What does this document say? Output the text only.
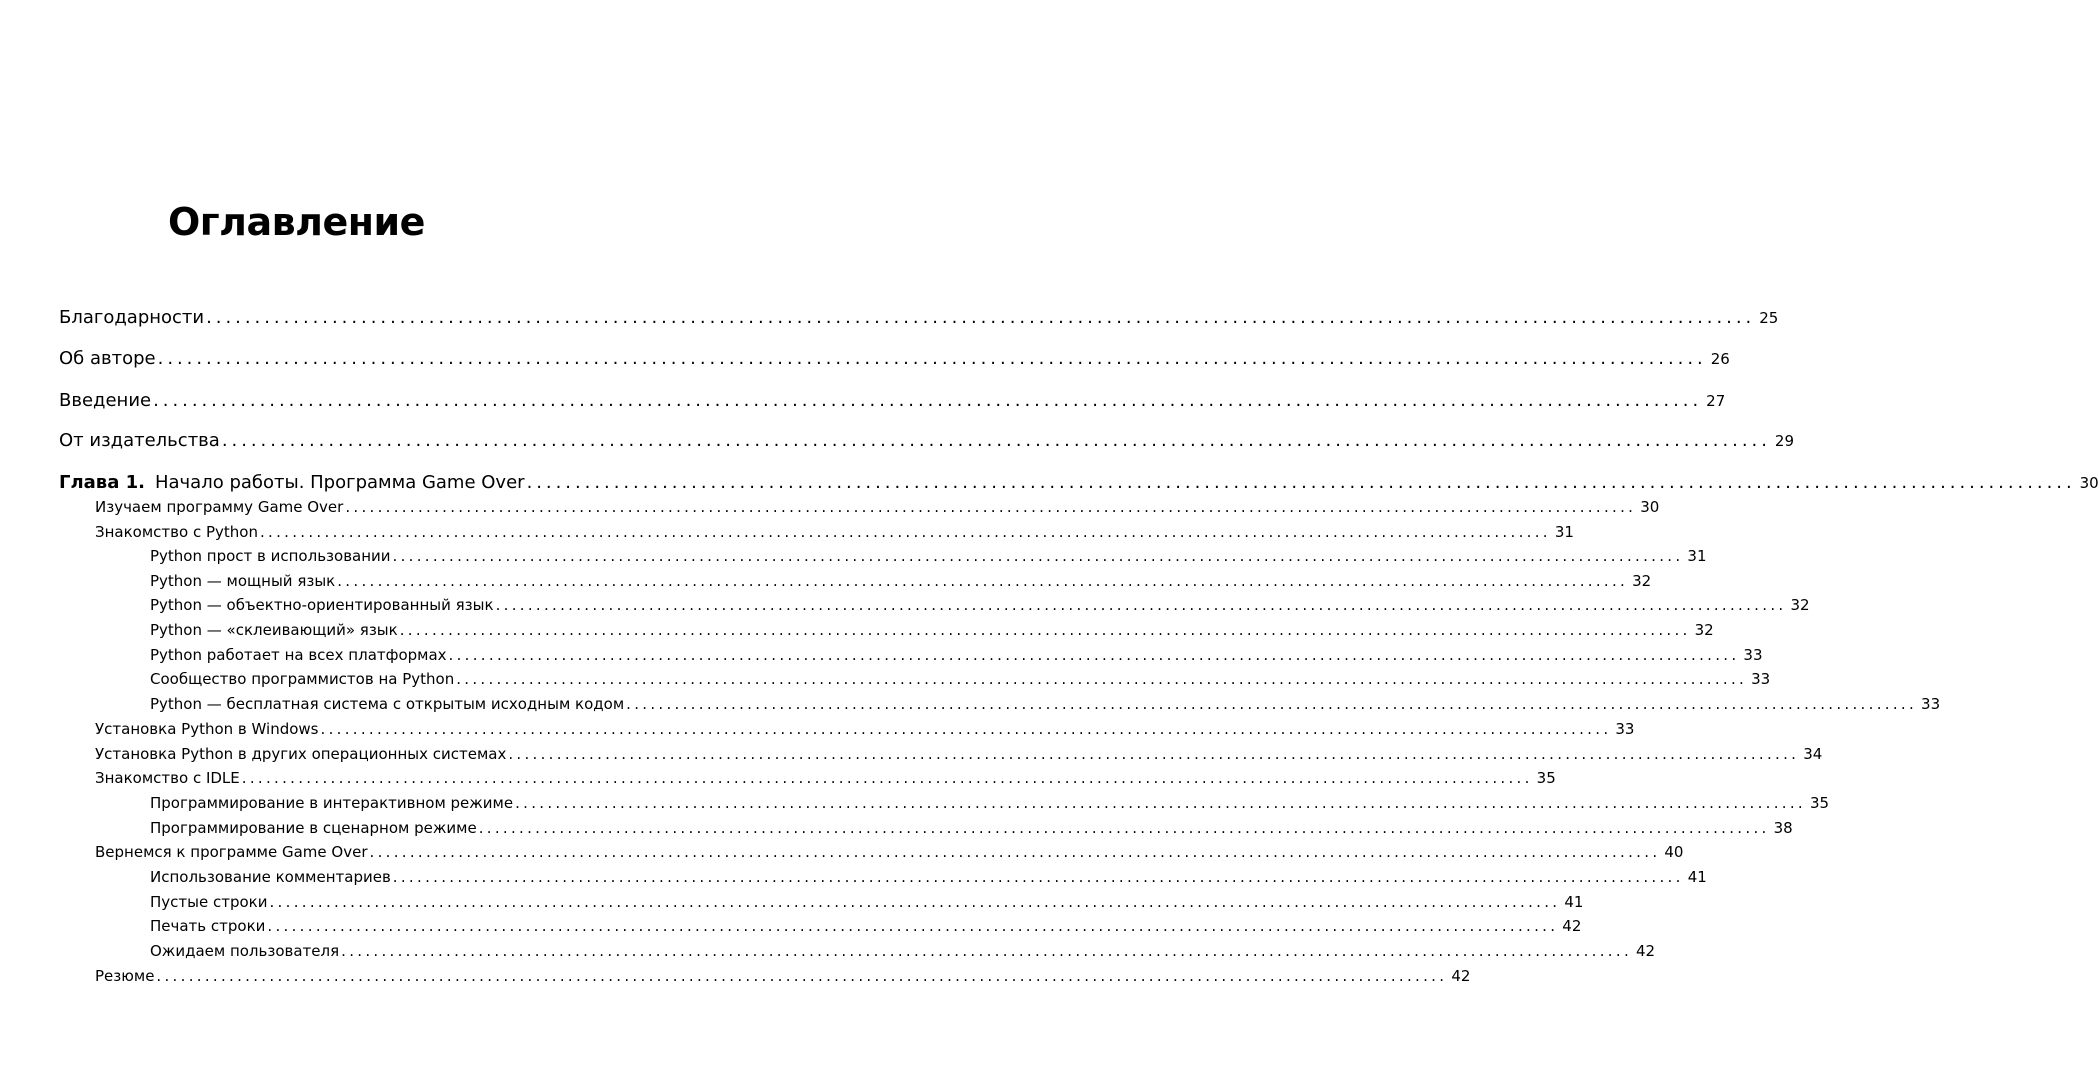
Оглавление
Благодарности ................................................................................................................................................................ 25
Об авторе ................................................................................................................................................................ 26
Введение ................................................................................................................................................................ 27
От издательства ................................................................................................................................................................ 29
Глава 1. Начало работы. Программа Game Over ................................................................................................................................................................ 30
Изучаем программу Game Over ................................................................................................................................................................ 30
Знакомство с Python ................................................................................................................................................................ 31
Python прост в использовании ................................................................................................................................................................ 31
Python — мощный язык ................................................................................................................................................................ 32
Python — объектно-ориентированный язык ................................................................................................................................................................ 32
Python — «склеивающий» язык ................................................................................................................................................................ 32
Python работает на всех платформах ................................................................................................................................................................ 33
Сообщество программистов на Python ................................................................................................................................................................ 33
Python — бесплатная система с открытым исходным кодом ................................................................................................................................................................ 33
Установка Python в Windows ................................................................................................................................................................ 33
Установка Python в других операционных системах ................................................................................................................................................................ 34
Знакомство с IDLE ................................................................................................................................................................ 35
Программирование в интерактивном режиме ................................................................................................................................................................ 35
Программирование в сценарном режиме ................................................................................................................................................................ 38
Вернемся к программе Game Over ................................................................................................................................................................ 40
Использование комментариев ................................................................................................................................................................ 41
Пустые строки ................................................................................................................................................................ 41
Печать строки ................................................................................................................................................................ 42
Ожидаем пользователя ................................................................................................................................................................ 42
Резюме ................................................................................................................................................................ 42
